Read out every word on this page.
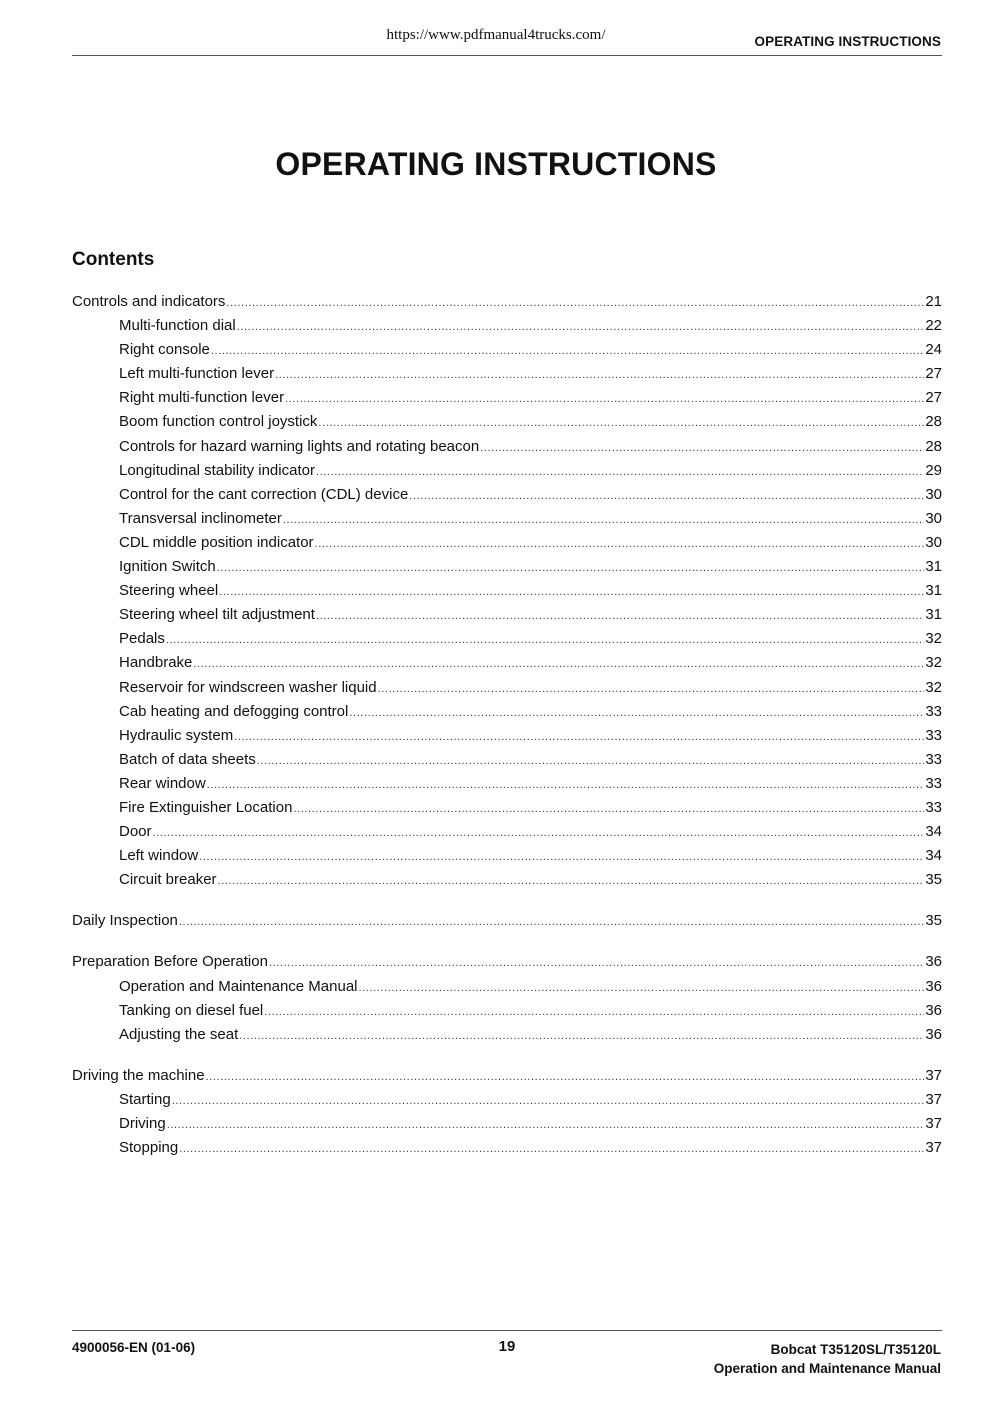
https://www.pdfmanual4trucks.com/	OPERATING INSTRUCTIONS
OPERATING INSTRUCTIONS
Contents
Controls and indicators .....	21
Multi-function dial .....	22
Right console .....	24
Left multi-function lever .....	27
Right multi-function lever .....	27
Boom function control joystick .....	28
Controls for hazard warning lights and rotating beacon .....	28
Longitudinal stability indicator .....	29
Control for the cant correction (CDL) device .....	30
Transversal inclinometer .....	30
CDL middle position indicator .....	30
Ignition Switch .....	31
Steering wheel .....	31
Steering wheel tilt adjustment .....	31
Pedals .....	32
Handbrake .....	32
Reservoir for windscreen washer liquid .....	32
Cab heating and defogging control .....	33
Hydraulic system .....	33
Batch of data sheets .....	33
Rear window .....	33
Fire Extinguisher Location .....	33
Door .....	34
Left window .....	34
Circuit breaker .....	35
Daily Inspection .....	35
Preparation Before Operation .....	36
Operation and Maintenance Manual .....	36
Tanking on diesel fuel .....	36
Adjusting the seat .....	36
Driving the machine .....	37
Starting .....	37
Driving .....	37
Stopping .....	37
4900056-EN (01-06)	19	Bobcat T35120SL/T35120L
Operation and Maintenance Manual
